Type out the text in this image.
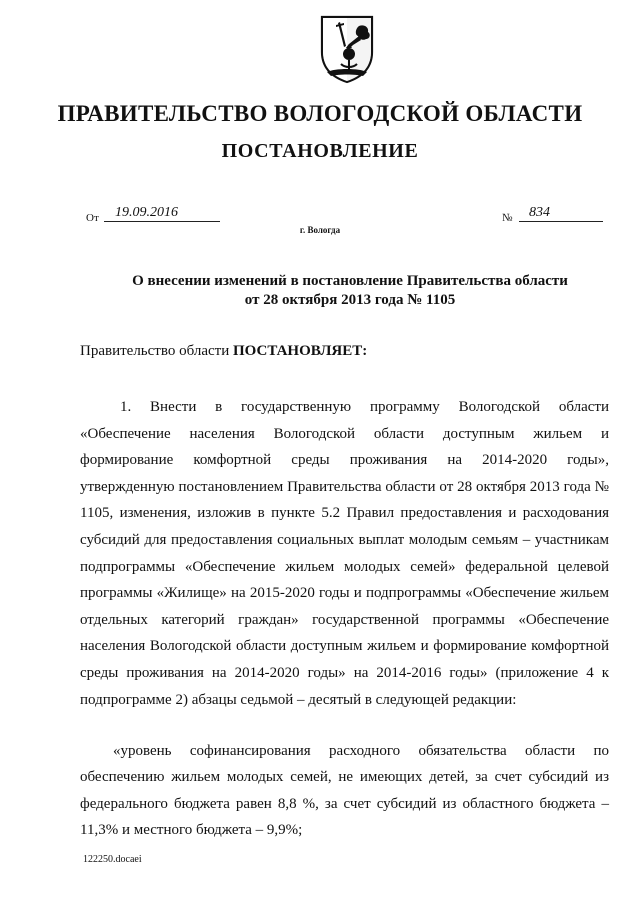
ПРАВИТЕЛЬСТВО ВОЛОГОДСКОЙ ОБЛАСТИ
ПОСТАНОВЛЕНИЕ
От 19.09.2016	№ 834
г. Вологда
О внесении изменений в постановление Правительства области
от 28 октября 2013 года № 1105
Правительство области ПОСТАНОВЛЯЕТ:

1. Внести в государственную программу Вологодской области «Обеспечение населения Вологодской области доступным жильем и формирование комфортной среды проживания на 2014-2020 годы», утвержденную постановлением Правительства области от 28 октября 2013 года № 1105, изменения, изложив в пункте 5.2 Правил предоставления и расходования субсидий для предоставления социальных выплат молодым семьям – участникам подпрограммы «Обеспечение жильем молодых семей» федеральной целевой программы «Жилище» на 2015-2020 годы и подпрограммы «Обеспечение жильем отдельных категорий граждан» государственной программы «Обеспечение населения Вологодской области доступным жильем и формирование комфортной среды проживания на 2014-2020 годы» на 2014-2016 годы» (приложение 4 к подпрограмме 2) абзацы седьмой – десятый в следующей редакции:

«уровень софинансирования расходного обязательства области по обеспечению жильем молодых семей, не имеющих детей, за счет субсидий из федерального бюджета равен 8,8 %, за счет субсидий из областного бюджета – 11,3% и местного бюджета – 9,9%;

122250.docaei
